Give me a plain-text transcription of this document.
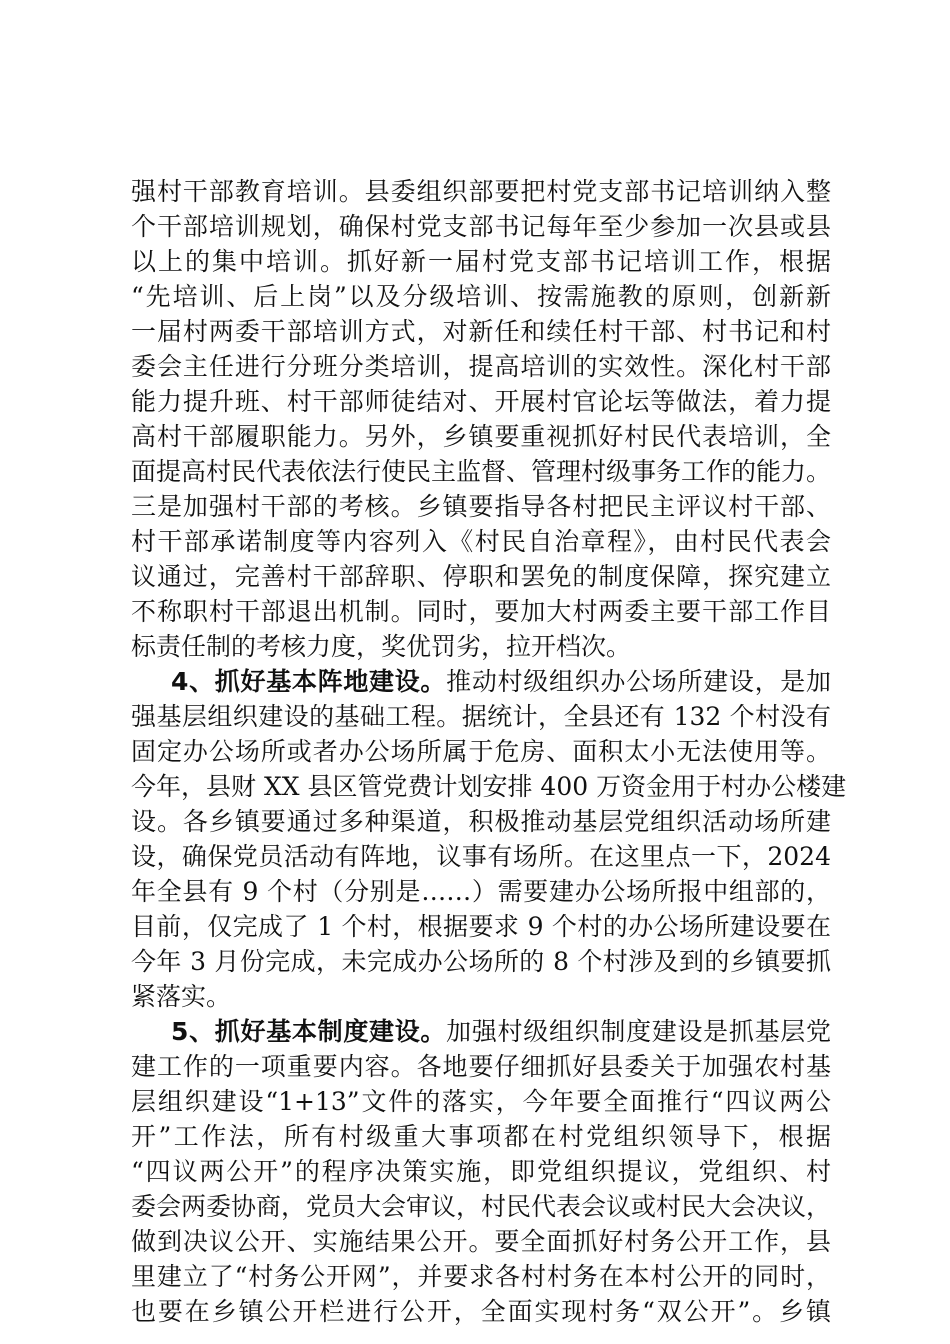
强村干部教育培训。县委组织部要把村党支部书记培训纳入整
个干部培训规划，确保村党支部书记每年至少参加一次县或县
以上的集中培训。抓好新一届村党支部书记培训工作，根据
“先培训、后上岗”以及分级培训、按需施教的原则，创新新
一届村两委干部培训方式，对新任和续任村干部、村书记和村
委会主任进行分班分类培训，提高培训的实效性。深化村干部
能力提升班、村干部师徒结对、开展村官论坛等做法，着力提
高村干部履职能力。另外，乡镇要重视抓好村民代表培训，全
面提高村民代表依法行使民主监督、管理村级事务工作的能力。
三是加强村干部的考核。乡镇要指导各村把民主评议村干部、
村干部承诺制度等内容列入《村民自治章程》，由村民代表会
议通过，完善村干部辞职、停职和罢免的制度保障，探究建立
不称职村干部退出机制。同时，要加大村两委主要干部工作目
标责任制的考核力度，奖优罚劣，拉开档次。
4、抓好基本阵地建设。推动村级组织办公场所建设，是加
强基层组织建设的基础工程。据统计，全县还有 132 个村没有
固定办公场所或者办公场所属于危房、面积太小无法使用等。
今年，县财 XX 县区管党费计划安排 400 万资金用于村办公楼建
设。各乡镇要通过多种渠道，积极推动基层党组织活动场所建
设，确保党员活动有阵地，议事有场所。在这里点一下，2024
年全县有 9 个村（分别是……）需要建办公场所报中组部的，
目前，仅完成了 1 个村，根据要求 9 个村的办公场所建设要在
今年 3 月份完成，未完成办公场所的 8 个村涉及到的乡镇要抓
紧落实。
5、抓好基本制度建设。加强村级组织制度建设是抓基层党
建工作的一项重要内容。各地要仔细抓好县委关于加强农村基
层组织建设“1+13”文件的落实，今年要全面推行“四议两公
开”工作法，所有村级重大事项都在村党组织领导下，根据
“四议两公开”的程序决策实施，即党组织提议，党组织、村
委会两委协商，党员大会审议，村民代表会议或村民大会决议，
做到决议公开、实施结果公开。要全面抓好村务公开工作，县
里建立了“村务公开网”，并要求各村村务在本村公开的同时，
也要在乡镇公开栏进行公开，全面实现村务“双公开”。乡镇
